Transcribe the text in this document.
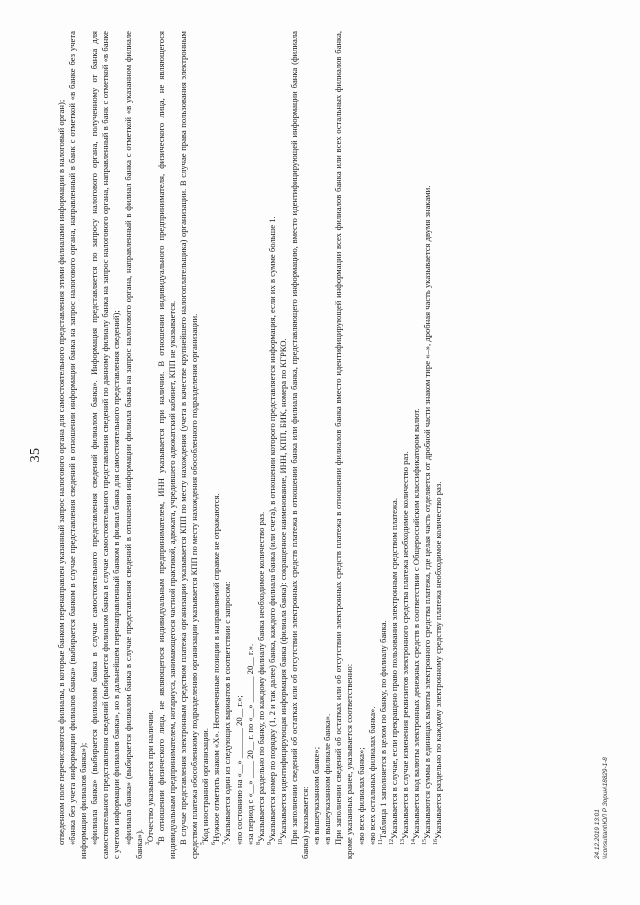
35 отведенном поле перечисляются филиалы, в которые банком перенаправлен указанный запрос налогового органа для самостоятельного представления этими филиалами информации в налоговый орган); «банка без учета информации филиалов банка» (выбирается банком в случае представления сведений в отношении информации банка на запрос налогового органа, направленный в банк с отметкой «в банке без учета информации филиалов банка»); «филиала банка» (выбирается филиалом банка в случае самостоятельного представления сведений филиалом банка». Информация представляется по запросу налогового органа, полученному от банка для самостоятельного представления сведений (выбирается филиалом банка в случае самостоятельного представления сведений по данному филиалу банка на запрос налогового органа, направленный в банк с отметкой «в банке с учетом информации филиалов банка», но в дальнейшем перенаправленный банком в филиал банка для самостоятельного представления сведений); «филиала банка» (выбирается филиалом банка в случае представления сведений в отношении информации филиала банка на запрос налогового органа, направленный в филиал банка с отметкой «в указанном филиале банка»). $^3$Отчество указывается при наличии.

$^4$В отношении физического лица, не являющегося индивидуальным предпринимателем, ИНН указывается при наличии. В отношении индивидуального предпринимателя, физического лица, не являющегося индивидуальным предпринимателем, нотариуса, занимающегося частной практикой, адвоката, учредившего адвокатский кабинет, КПП не указывается. В случае представления электронным средством платежа организации указывается КПП по месту нахождения (учета в качестве крупнейшего налогоплательщика) организации. В случае права пользования электронным средством платежа обособленному подразделению организации указывается КПП по месту нахождения обособленного подразделения организации. $^5$Код иностранной организации.

$^6$Нужное отметить знаком «X». Неотмеченные позиции в направляемой справке не отражаются.

$^7$Указывается один из следующих вариантов в соответствии с запросом: «по состоянию на «__» _______ 20__ г.»; «за период с «__» ____ 20__ г. по «__» ______ 20__ г.». $^8$Указывается раздельно по банку, по каждому филиалу банка необходимое количество раз.

$^9$Указывается номер по порядку (1, 2 и так далее) банка, каждого филиала банка (или счета), в отношении которого представляется информация, если их в сумме больше 1. $^{10}$Указывается идентифицирующая информация банка (филиала банка): сокращенное наименование, ИНН, КПП, БИК, номера по КГРКО. При заполнении сведений об остатках или об отсутствии электронных средств платежа в отношении банка или филиала банка, представляющего информацию, вместо идентифицирующей информации банка (филиала банка) указывается: «в вышеуказанном банке»; «в вышеуказанном филиале банка». При заполнении сведений об остатках или об отсутствии электронных средств платежа в отношении филиалов банка вместо идентифицирующей информации всех филиалов банка или всех остальных филиалов банка, кроме указанных ранее, указывается соответственно: «во всех филиалах банка»; «во всех остальных филиалах банка». $^{11}$Таблица 1 заполняется в целом по банку, по филиалу банка.

$^{12}$Указывается в случае, если прекращено право пользования электронным средством платежа.

$^{13}$Указывается в случае изменения реквизитов электронного средства платежа необходимое количество раз.

$^{14}$Указывается код валюты электронных денежных средств в соответствии с Общероссийским классификатором валют.

$^{15}$Указываются суммы в единицах валюты электронного средства платежа, где целая часть отделяется от дробной части знаком тире «–», дробная часть указывается двумя знаками.

$^{16}$Указывается раздельно по каждому электронному средству платежа необходимое количество раз.	24.12.2019 13:01 \\consultant\ЮЛ Р Зорин\18829-1-8
